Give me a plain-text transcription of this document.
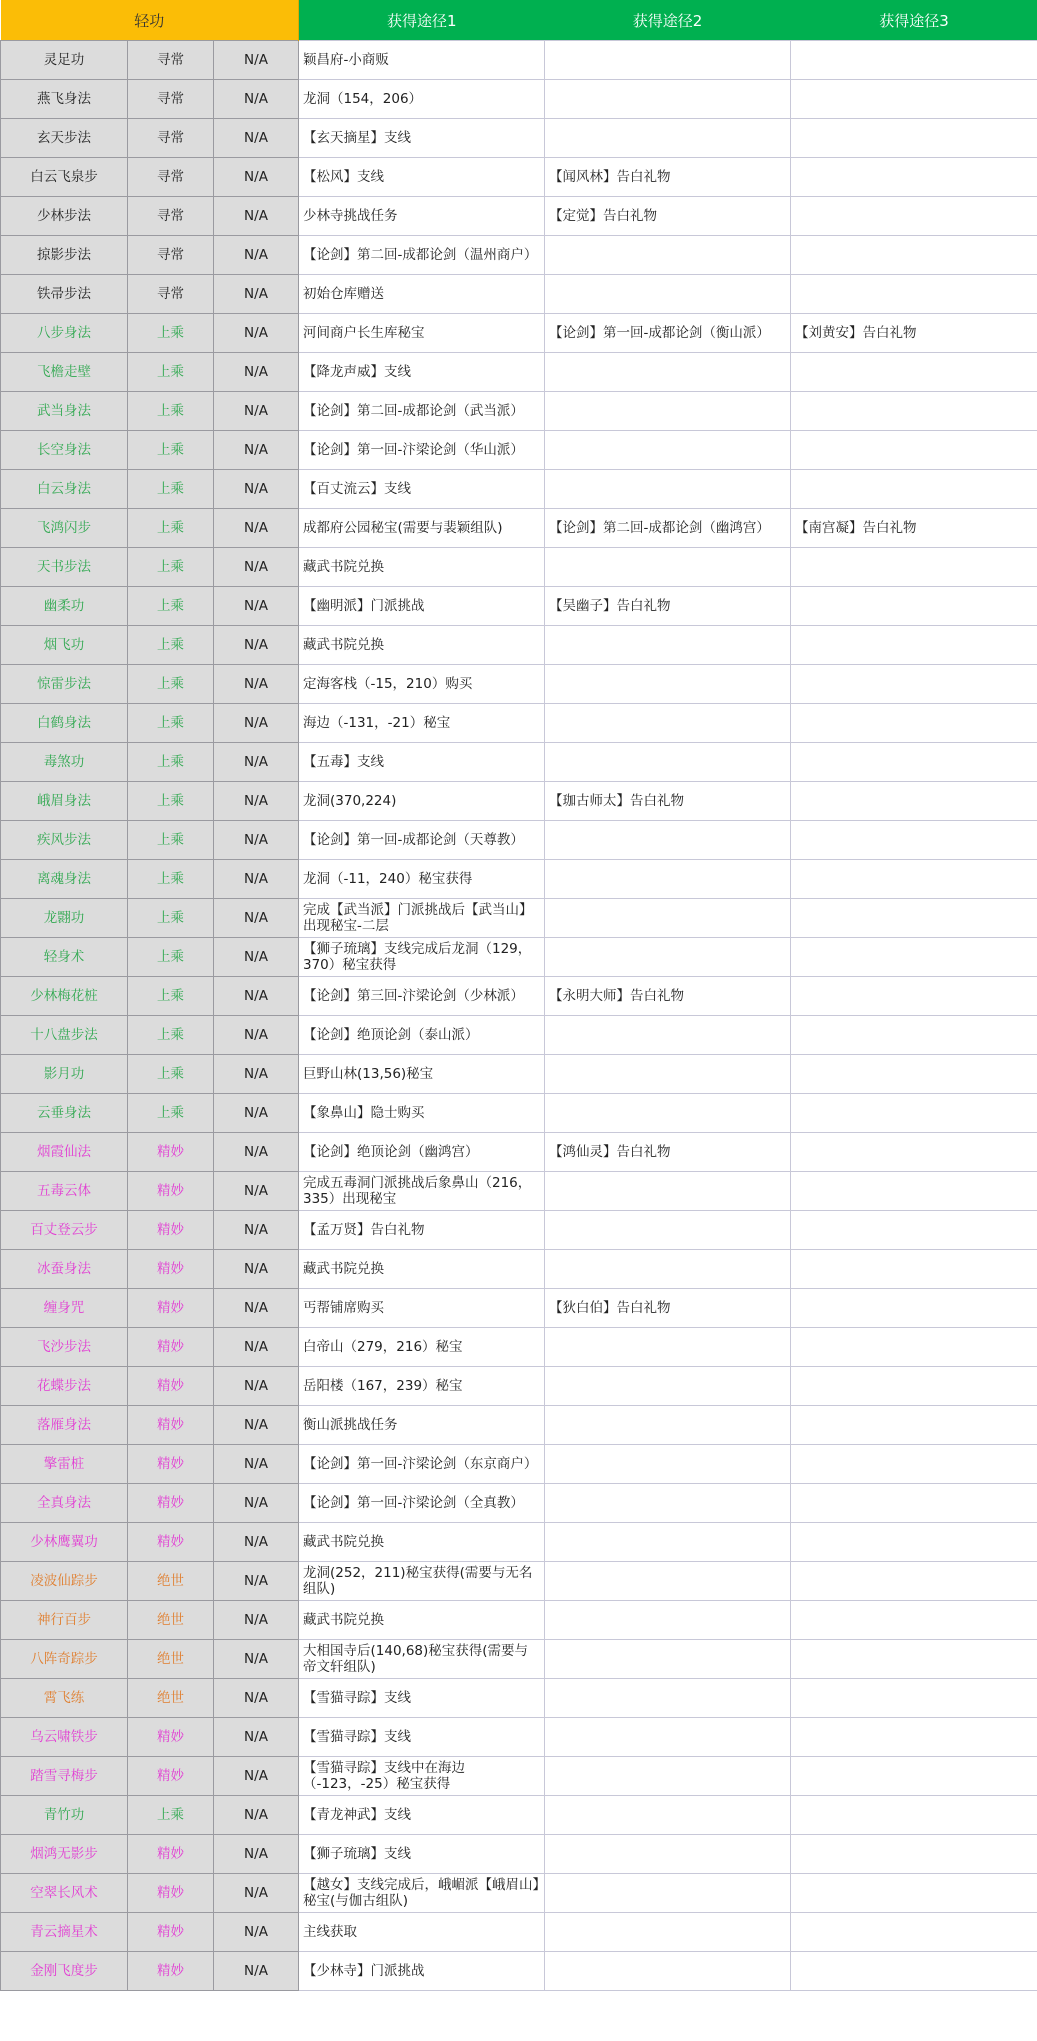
轻功			获得途径1	获得途径2	获得途径3
灵足功	寻常	N/A	颖昌府-小商贩		
燕飞身法	寻常	N/A	龙洞（154，206）		
玄天步法	寻常	N/A	【玄天摘星】支线		
白云飞泉步	寻常	N/A	【松风】支线	【闻风林】告白礼物	
少林步法	寻常	N/A	少林寺挑战任务	【定觉】告白礼物	
掠影步法	寻常	N/A	【论剑】第二回-成都论剑（温州商户）		
铁帚步法	寻常	N/A	初始仓库赠送		
八步身法	上乘	N/A	河间商户长生库秘宝	【论剑】第一回-成都论剑（衡山派）	【刘黄安】告白礼物
飞檐走壁	上乘	N/A	【降龙声威】支线		
武当身法	上乘	N/A	【论剑】第二回-成都论剑（武当派）		
长空身法	上乘	N/A	【论剑】第一回-汴梁论剑（华山派）		
白云身法	上乘	N/A	【百丈流云】支线		
飞鸿闪步	上乘	N/A	成都府公园秘宝(需要与裴颖组队)	【论剑】第二回-成都论剑（幽鸿宫）	【南宫凝】告白礼物
天书步法	上乘	N/A	藏武书院兑换		
幽柔功	上乘	N/A	【幽明派】门派挑战	【吴幽子】告白礼物	
烟飞功	上乘	N/A	藏武书院兑换		
惊雷步法	上乘	N/A	定海客栈（-15，210）购买		
白鹤身法	上乘	N/A	海边（-131，-21）秘宝		
毒煞功	上乘	N/A	【五毒】支线		
峨眉身法	上乘	N/A	龙洞(370,224)	【珈古师太】告白礼物	
疾风步法	上乘	N/A	【论剑】第一回-成都论剑（天尊教）		
离魂身法	上乘	N/A	龙洞（-11，240）秘宝获得		
龙翾功	上乘	N/A	完成【武当派】门派挑战后【武当山】出现秘宝-二层		
轻身术	上乘	N/A	【狮子琉璃】支线完成后龙洞（129，370）秘宝获得		
少林梅花桩	上乘	N/A	【论剑】第三回-汴梁论剑（少林派）	【永明大师】告白礼物	
十八盘步法	上乘	N/A	【论剑】绝顶论剑（泰山派）		
影月功	上乘	N/A	巨野山林(13,56)秘宝		
云垂身法	上乘	N/A	【象鼻山】隐士购买		
烟霞仙法	精妙	N/A	【论剑】绝顶论剑（幽鸿宫）	【鸿仙灵】告白礼物	
五毒云体	精妙	N/A	完成五毒洞门派挑战后象鼻山（216，335）出现秘宝		
百丈登云步	精妙	N/A	【孟万贤】告白礼物		
冰蚕身法	精妙	N/A	藏武书院兑换		
缠身咒	精妙	N/A	丐帮铺席购买	【狄白伯】告白礼物	
飞沙步法	精妙	N/A	白帝山（279，216）秘宝		
花蝶步法	精妙	N/A	岳阳楼（167，239）秘宝		
落雁身法	精妙	N/A	衡山派挑战任务		
擎雷桩	精妙	N/A	【论剑】第一回-汴梁论剑（东京商户）		
全真身法	精妙	N/A	【论剑】第一回-汴梁论剑（全真教）		
少林鹰翼功	精妙	N/A	藏武书院兑换		
凌波仙踪步	绝世	N/A	龙洞(252，211)秘宝获得(需要与无名组队)		
神行百步	绝世	N/A	藏武书院兑换		
八阵奇踪步	绝世	N/A	大相国寺后(140,68)秘宝获得(需要与帝文轩组队)		
霄飞练	绝世	N/A	【雪猫寻踪】支线		
乌云啸铁步	精妙	N/A	【雪猫寻踪】支线		
踏雪寻梅步	精妙	N/A	【雪猫寻踪】支线中在海边（-123，-25）秘宝获得		
青竹功	上乘	N/A	【青龙神武】支线		
烟鸿无影步	精妙	N/A	【狮子琉璃】支线		
空翠长风术	精妙	N/A	【越女】支线完成后，峨嵋派【峨眉山】秘宝(与伽古组队)		
青云摘星术	精妙	N/A	主线获取		
金刚飞度步	精妙	N/A	【少林寺】门派挑战		
